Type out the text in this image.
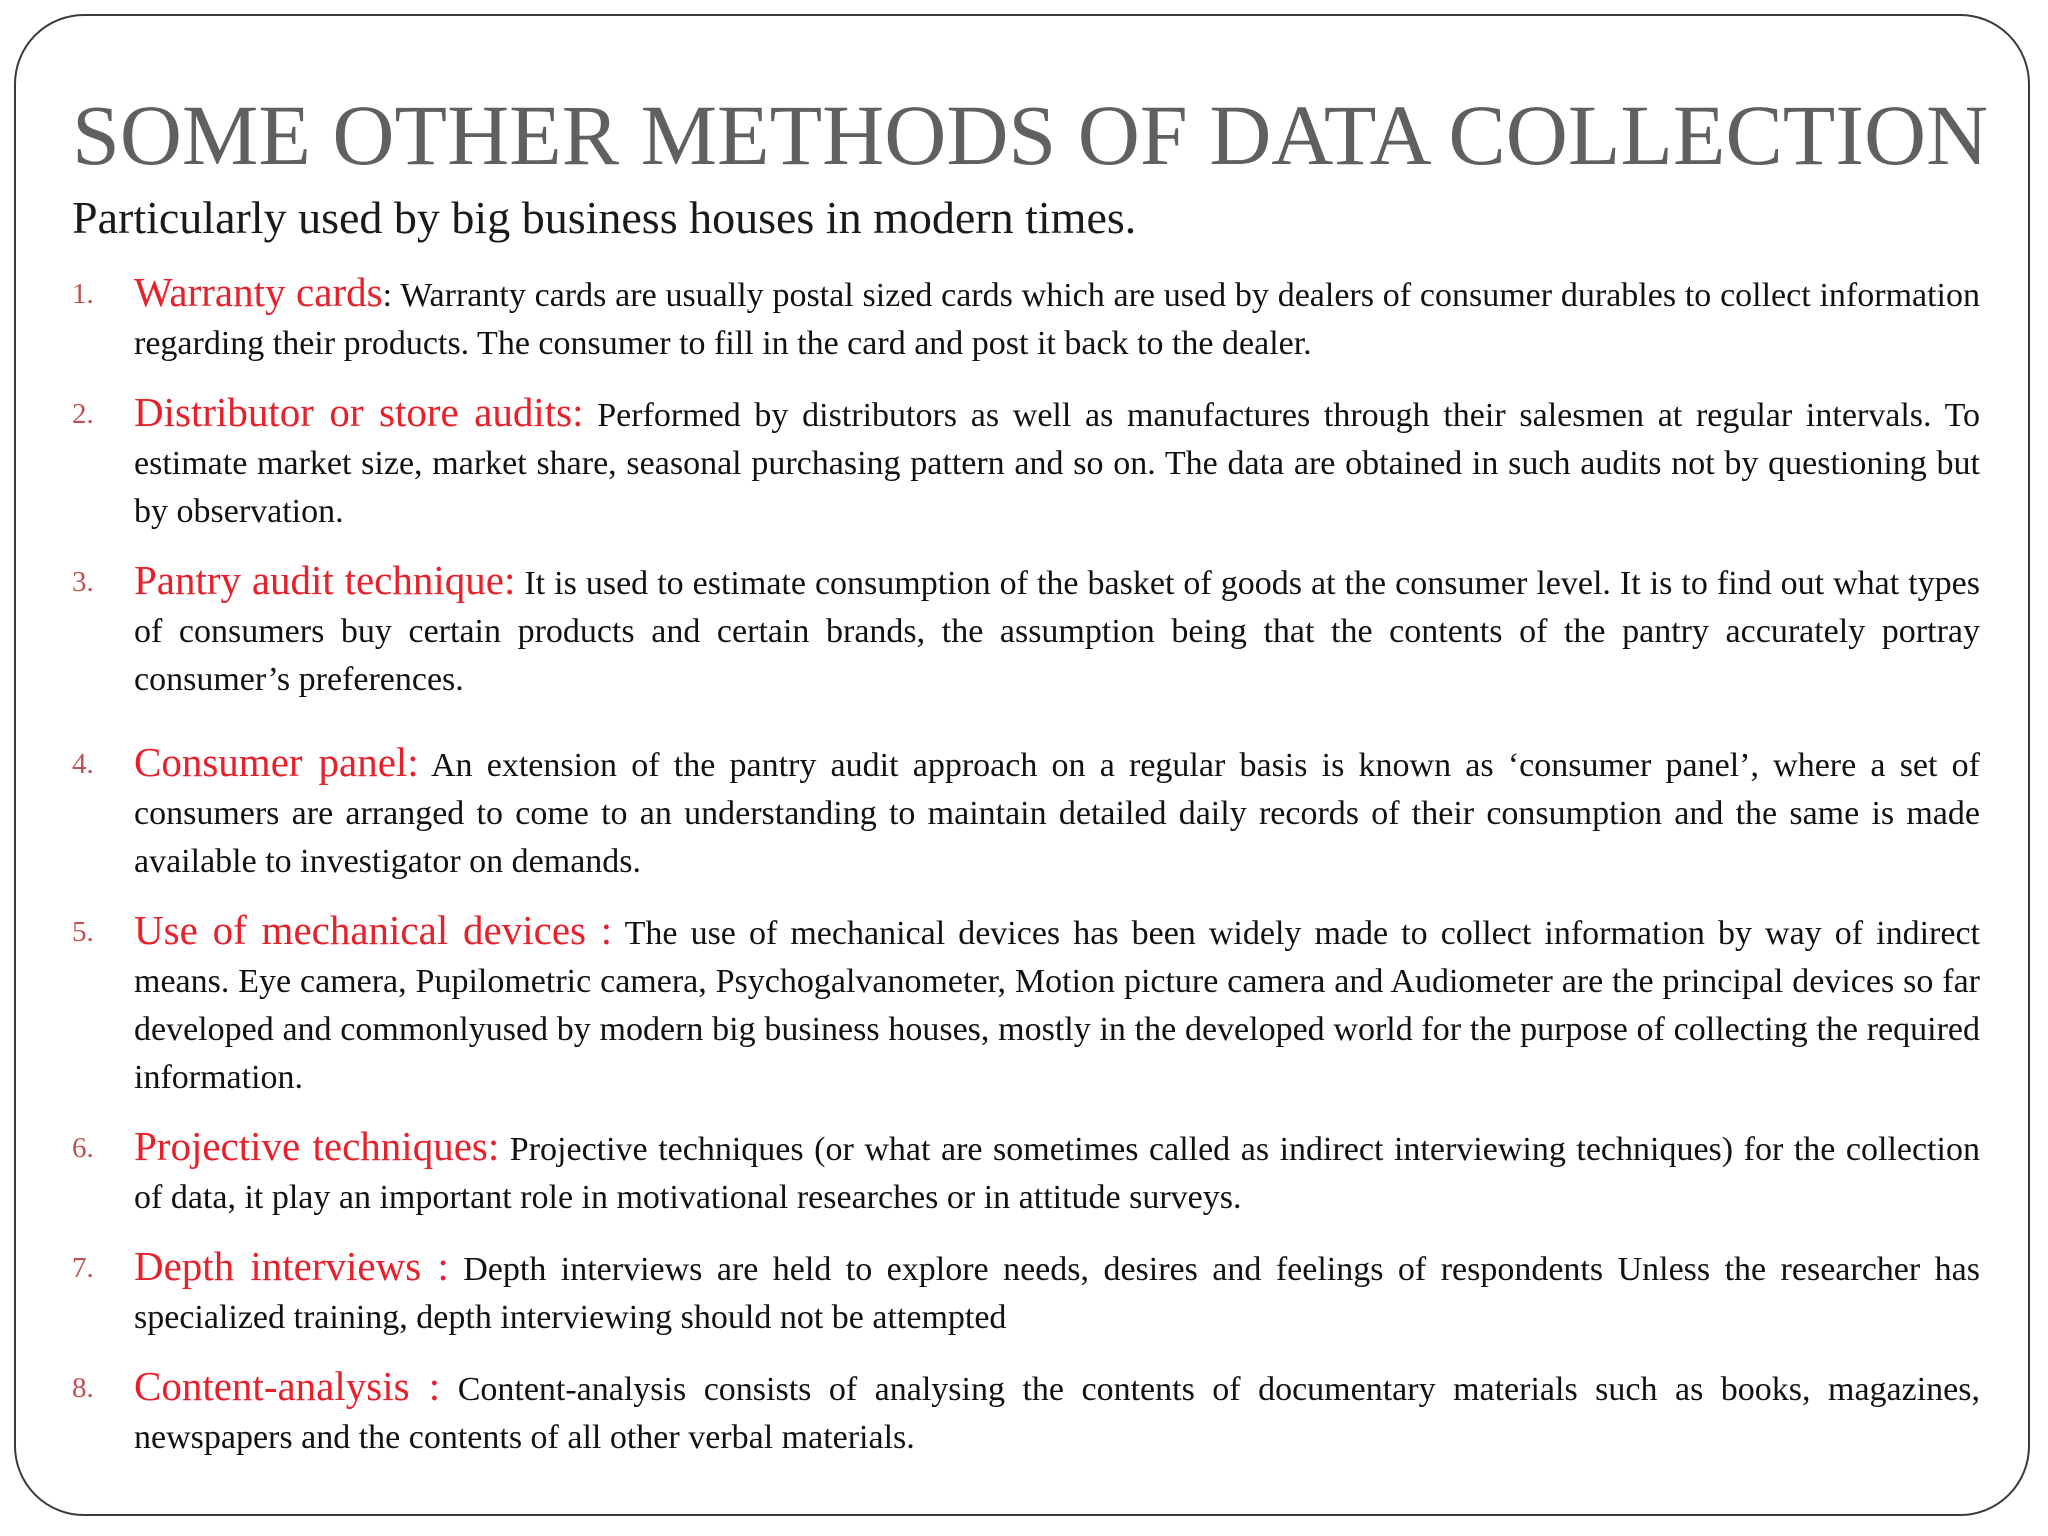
SOME OTHER METHODS OF DATA COLLECTION

Particularly used by big business houses in modern times.

1. Warranty cards: Warranty cards are usually postal sized cards which are used by dealers of consumer durables to collect information regarding their products. The consumer to fill in the card and post it back to the dealer.
2. Distributor or store audits: Performed by distributors as well as manufactures through their salesmen at regular intervals. To estimate market size, market share, seasonal purchasing pattern and so on. The data are obtained in such audits not by questioning but by observation.
3. Pantry audit technique: It is used to estimate consumption of the basket of goods at the consumer level. It is to find out what types of consumers buy certain products and certain brands, the assumption being that the contents of the pantry accurately portray consumer’s preferences.
4. Consumer panel: An extension of the pantry audit approach on a regular basis is known as ‘consumer panel’, where a set of consumers are arranged to come to an understanding to maintain detailed daily records of their consumption and the same is made available to investigator on demands.
5. Use of mechanical devices : The use of mechanical devices has been widely made to collect information by way of indirect means. Eye camera, Pupilometric camera, Psychogalvanometer, Motion picture camera and Audiometer are the principal devices so far developed and commonlyused by modern big business houses, mostly in the developed world for the purpose of collecting the required information.
6. Projective techniques: Projective techniques (or what are sometimes called as indirect interviewing techniques) for the collection of data, it play an important role in motivational researches or in attitude surveys.
7. Depth interviews : Depth interviews are held to explore needs, desires and feelings of respondents Unless the researcher has specialized training, depth interviewing should not be attempted
8. Content-analysis : Content-analysis consists of analysing the contents of documentary materials such as books, magazines, newspapers and the contents of all other verbal materials.
